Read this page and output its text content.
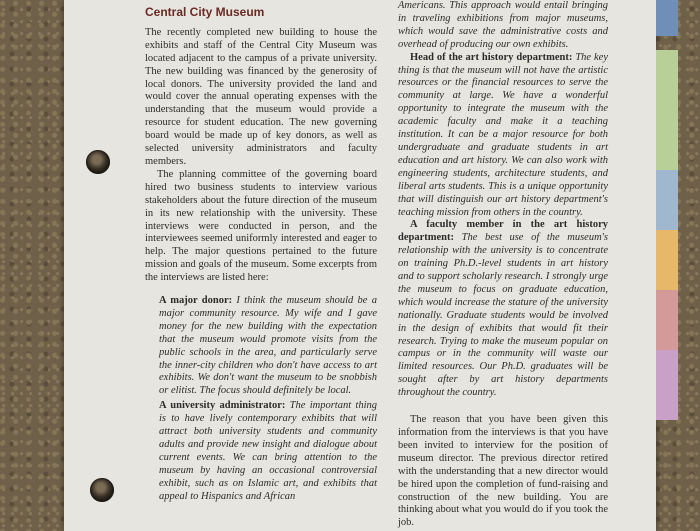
Central City Museum

The recently completed new building to house the exhibits and staff of the Central City Museum was located adjacent to the campus of a private university. The new building was financed by the generosity of local donors. The university provided the land and would cover the annual operating expenses with the understanding that the museum would provide a resource for student education. The new governing board would be made up of key donors, as well as selected university administrators and faculty members.

The planning committee of the governing board hired two business students to interview various stakeholders about the future direction of the museum in its new relationship with the university. These interviews were conducted in person, and the interviewees seemed uniformly interested and eager to help. The major questions pertained to the future mission and goals of the museum. Some excerpts from the interviews are listed here:

A major donor: I think the museum should be a major community resource. My wife and I gave money for the new building with the expectation that the museum would promote visits from the public schools in the area, and particularly serve the inner-city children who don't have access to art exhibits. We don't want the museum to be snobbish or elitist. The focus should definitely be local.

A university administrator: The important thing is to have lively contemporary exhibits that will attract both university students and community adults and provide new insight and dialogue about current events. We can bring attention to the museum by having an occasional controversial exhibit, such as on Islamic art, and exhibits that appeal to Hispanics and African

Americans. This approach would entail bringing in traveling exhibitions from major museums, which would save the administrative costs and overhead of producing our own exhibits.

Head of the art history department: The key thing is that the museum will not have the artistic resources or the financial resources to serve the community at large. We have a wonderful opportunity to integrate the museum with the academic faculty and make it a teaching institution. It can be a major resource for both undergraduate and graduate students in art education and art history. We can also work with engineering students, architecture students, and liberal arts students. This is a unique opportunity that will distinguish our art history department's teaching mission from others in the country.

A faculty member in the art history department: The best use of the museum's relationship with the university is to concentrate on training Ph.D.-level students in art history and to support scholarly research. I strongly urge the museum to focus on graduate education, which would increase the stature of the university nationally. Graduate students would be involved in the design of exhibits that would fit their research. Trying to make the museum popular on campus or in the community will waste our limited resources. Our Ph.D. graduates will be sought after by art history departments throughout the country.

The reason that you have been given this information from the interviews is that you have been invited to interview for the position of museum director. The previous director retired with the understanding that a new director would be hired upon the completion of fund-raising and construction of the new building. You are thinking about what you would do if you took the job.
